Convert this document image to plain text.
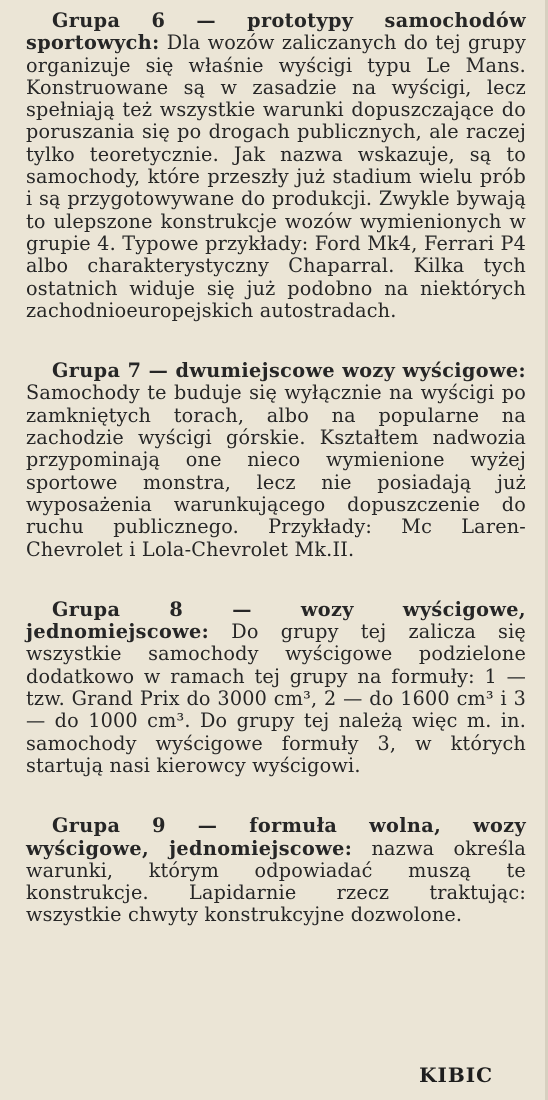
Grupa 6 — prototypy samochodów sportowych: Dla wozów zaliczanych do tej grupy organizuje się właśnie wyścigi typu Le Mans. Konstruowane są w zasadzie na wyścigi, lecz spełniają też wszystkie warunki dopuszczające do poruszania się po drogach publicznych, ale raczej tylko teoretycznie. Jak nazwa wskazuje, są to samochody, które przeszły już stadium wielu prób i są przygotowywane do produkcji. Zwykle bywają to ulepszone konstrukcje wozów wymienionych w grupie 4. Typowe przykłady: Ford Mk4, Ferrari P4 albo charakterystyczny Chaparral. Kilka tych ostatnich widuje się już podobno na niektórych zachodnioeuropejskich autostradach.

Grupa 7 — dwumiejscowe wozy wyścigowe: Samochody te buduje się wyłącznie na wyścigi po zamkniętych torach, albo na popularne na zachodzie wyścigi górskie. Kształtem nadwozia przypominają one nieco wymienione wyżej sportowe monstra, lecz nie posiadają już wyposażenia warunkującego dopuszczenie do ruchu publicznego. Przykłady: Mc Laren-Chevrolet i Lola-Chevrolet Mk.II.

Grupa 8 — wozy wyścigowe, jednomiejscowe: Do grupy tej zalicza się wszystkie samochody wyścigowe podzielone dodatkowo w ramach tej grupy na formuły: 1 — tzw. Grand Prix do 3000 cm³, 2 — do 1600 cm³ i 3 — do 1000 cm³. Do grupy tej należą więc m. in. samochody wyścigowe formuły 3, w których startują nasi kierowcy wyścigowi.

Grupa 9 — formuła wolna, wozy wyścigowe, jednomiejscowe: nazwa określa warunki, którym odpowiadać muszą te konstrukcje. Lapidarnie rzecz traktując: wszystkie chwyty konstrukcyjne dozwolone.

KIBIC
